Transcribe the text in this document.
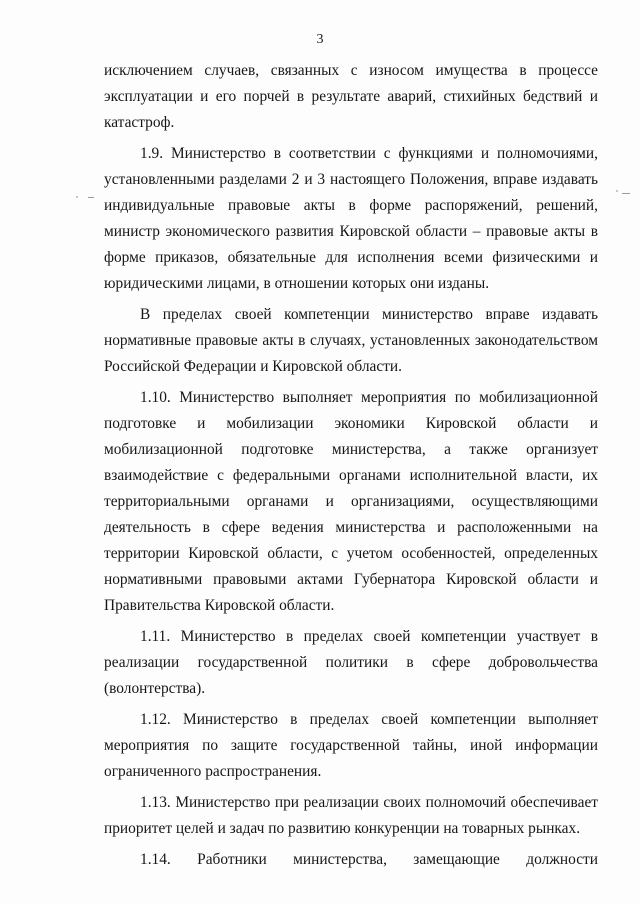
3

исключением случаев, связанных с износом имущества в процессе эксплуатации и его порчей в результате аварий, стихийных бедствий и катастроф.

1.9. Министерство в соответствии с функциями и полномочиями, установленными разделами 2 и 3 настоящего Положения, вправе издавать индивидуальные правовые акты в форме распоряжений, решений, министр экономического развития Кировской области – правовые акты в форме приказов, обязательные для исполнения всеми физическими и юридическими лицами, в отношении которых они изданы.

В пределах своей компетенции министерство вправе издавать нормативные правовые акты в случаях, установленных законодательством Российской Федерации и Кировской области.

1.10. Министерство выполняет мероприятия по мобилизационной подготовке и мобилизации экономики Кировской области и мобилизационной подготовке министерства, а также организует взаимодействие с федеральными органами исполнительной власти, их территориальными органами и организациями, осуществляющими деятельность в сфере ведения министерства и расположенными на территории Кировской области, с учетом особенностей, определенных нормативными правовыми актами Губернатора Кировской области и Правительства Кировской области.

1.11. Министерство в пределах своей компетенции участвует в реализации государственной политики в сфере добровольчества (волонтерства).

1.12. Министерство в пределах своей компетенции выполняет мероприятия по защите государственной тайны, иной информации ограниченного распространения.

1.13. Министерство при реализации своих полномочий обеспечивает приоритет целей и задач по развитию конкуренции на товарных рынках.

1.14. Работники министерства, замещающие должности
